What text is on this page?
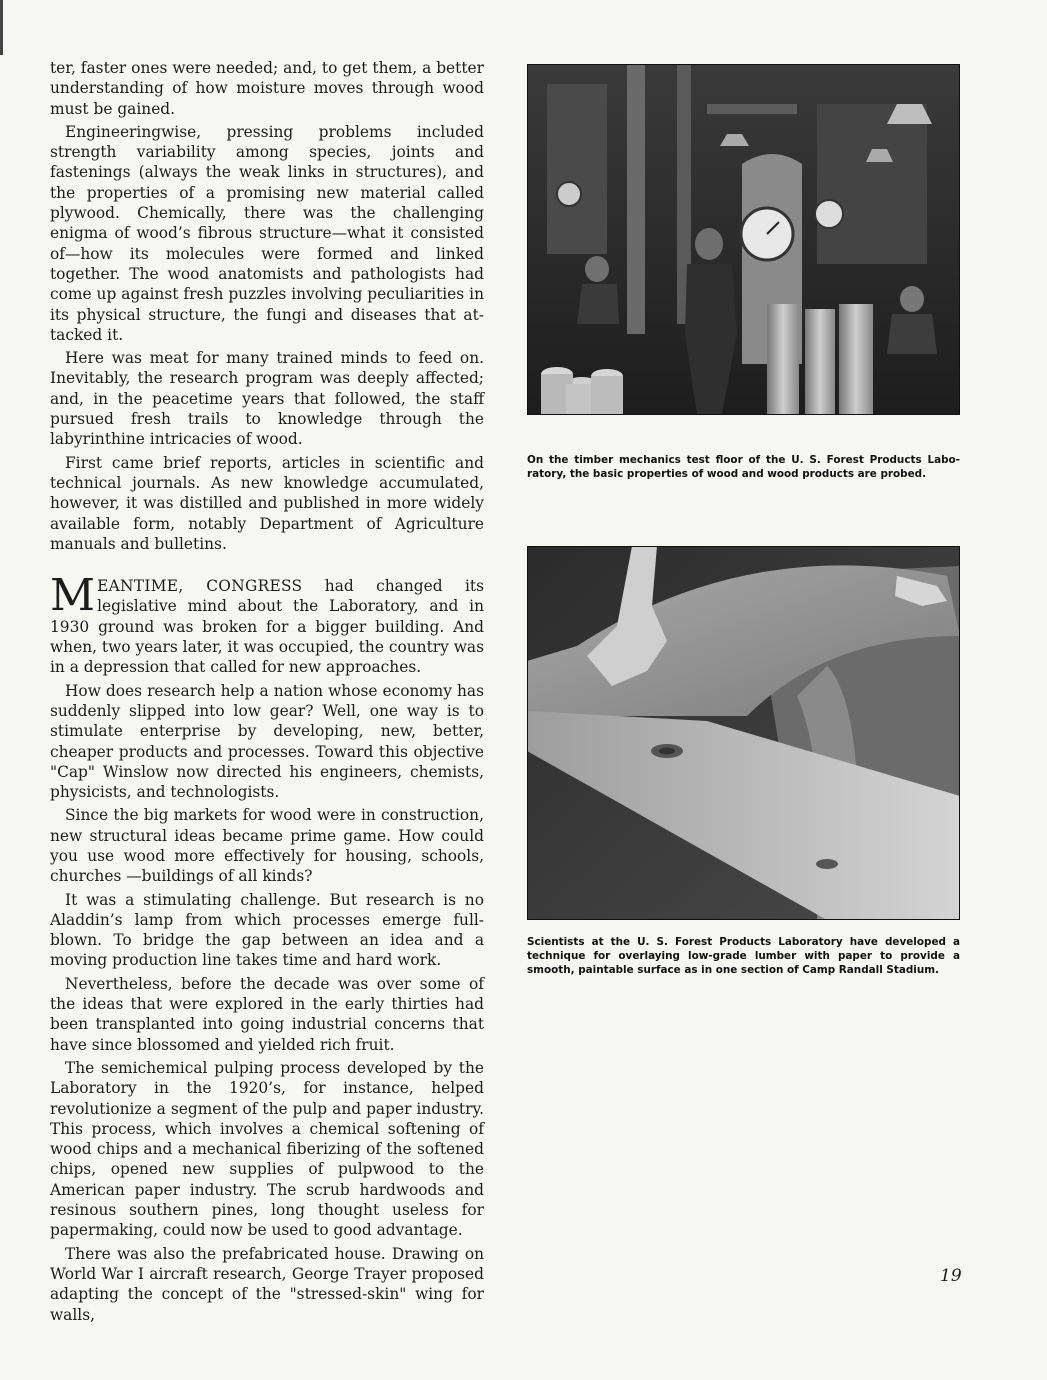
ter, faster ones were needed; and, to get them, a better understanding of how moisture moves through wood must be gained.

Engineeringwise, pressing problems included strength variability among species, joints and fastenings (always the weak links in structures), and the properties of a promising new material called plywood. Chemically, there was the challenging enigma of wood’s fibrous structure—what it consisted of—how its molecules were formed and linked together. The wood anatomists and pathologists had come up against fresh puzzles involving peculiarities in its physical structure, the fungi and diseases that attacked it.

Here was meat for many trained minds to feed on. Inevitably, the research program was deeply affected; and, in the peacetime years that followed, the staff pursued fresh trails to knowledge through the labyrinthine intricacies of wood.

First came brief reports, articles in scientific and technical journals. As new knowledge accumulated, however, it was distilled and published in more widely available form, notably Department of Agriculture manuals and bulletins.

MEANTIME, CONGRESS had changed its legislative mind about the Laboratory, and in 1930 ground was broken for a bigger building. And when, two years later, it was occupied, the country was in a depression that called for new approaches.

How does research help a nation whose economy has suddenly slipped into low gear? Well, one way is to stimulate enterprise by developing, new, better, cheaper products and processes. Toward this objective "Cap" Winslow now directed his engineers, chemists, physicists, and technologists.

Since the big markets for wood were in construction, new structural ideas became prime game. How could you use wood more effectively for housing, schools, churches —buildings of all kinds?

It was a stimulating challenge. But research is no Aladdin’s lamp from which processes emerge full-blown. To bridge the gap between an idea and a moving production line takes time and hard work.

Nevertheless, before the decade was over some of the ideas that were explored in the early thirties had been transplanted into going industrial concerns that have since blossomed and yielded rich fruit.

The semichemical pulping process developed by the Laboratory in the 1920’s, for instance, helped revolutionize a segment of the pulp and paper industry. This process, which involves a chemical softening of wood chips and a mechanical fiberizing of the softened chips, opened new supplies of pulpwood to the American paper industry. The scrub hardwoods and resinous southern pines, long thought useless for papermaking, could now be used to good advantage.

There was also the prefabricated house. Drawing on World War I aircraft research, George Trayer proposed adapting the concept of the "stressed-skin" wing for walls,

On the timber mechanics test floor of the U. S. Forest Products Laboratory, the basic properties of wood and wood products are probed.
Scientists at the U. S. Forest Products Laboratory have developed a technique for overlaying low-grade lumber with paper to provide a smooth, paintable surface as in one section of Camp Randall Stadium.
19
